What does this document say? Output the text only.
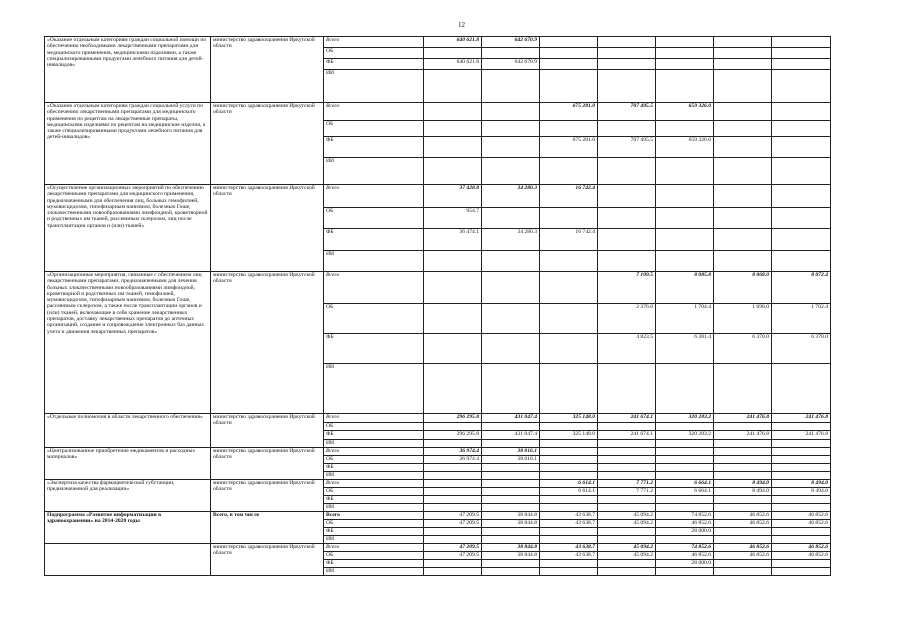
12
«Оказание отдельным категориям граждан социальной помощи по обеспечению необходимыми лекарственными препаратами для медицинского применения, медицинскими изделиями, а также специализированными продуктами лечебного питания для детей-инвалидов»	министерство здравоохранения Иркутской области	Всего	640 621.8	642 670.9					
		ОБ							
		ФБ	640 621.8	642 670.9					
		ИИ							
«Оказание отдельным категориям граждан социальной услуги по обеспечению лекарственными препаратами для медицинского применения по рецептам на лекарственные препараты, медицинскими изделиями по рецептам на медицинские изделия, а также специализированными продуктами лечебного питания для детей-инвалидов»	министерство здравоохранения Иркутской области	Всего			675 281.0	707 495.5	659 326.0		
		ОБ							
		ФБ			675 281.0	707 495.5	659 326.0		
		ИИ							
«Осуществление организационных мероприятий по обеспечению лекарственными препаратами для медицинского применения, предназначенными для обеспечения лиц, больных гемофилией, муковисцидозом, гипофизарным нанизмом, болезнью Гоше, злокачественными новообразованиями лимфоидной, кроветворной и родственных им тканей, рассеянным склерозом, лиц после трансплантации органов и (или) тканей»	министерство здравоохранения Иркутской области	Всего	37 428.8	34 280.3	16 742.4				
		ОБ	954.7						
		ФБ	36 474.1	34 280.3	16 742.4				
		ИИ							
«Организационные мероприятия, связанные с обеспечением лиц лекарственными препаратами, предназначенными для лечения больных злокачественными новообразованиями лимфоидной, кроветворной и родственных им тканей, гемофилией, муковисцидозом, гипофизарным нанизмом, болезнью Гоше, рассеянным склерозом, а также после трансплантации органов и (или) тканей, включающие в себя хранение лекарственных препаратов, доставку лекарственных препаратов до аптечных организаций, создание и сопровождение электронных баз данных учета и движения лекарственных препаратов»	министерство здравоохранения Иркутской области	Всего				7 109.5	8 085.8	8 068.0	8 072.4
		ОБ				2 376.0	1 704.4	1 698.0	1 702.4
		ФБ				4 823.5	6 381.4	6 370.0	6 370.0
		ИИ							
«Отдельные полномочия в области лекарственного обеспечения»	министерство здравоохранения Иркутской области	Всего	296 295.8	431 047.4	325 148.0	241 674.1	320 283.2	241 476.8	241 476.8
		ОБ							
		ФБ	296 295.8	431 047.4	325 148.0	241 674.1	320 283.2	241 476.8	241 476.8
		ИИ							
«Централизованное приобретение медикаментов и расходных материалов»	министерство здравоохранения Иркутской области	Всего	36 974.4	38 016.1					
		ОБ	36 974.4	38 016.1					
		ФБ							
		ИИ							
«Экспертиза качества фармацевтической субстанции, предназначенной для реализации»	министерство здравоохранения Иркутской области	Всего			6 614.1	7 771.2	6 664.1	8 494.0	8 494.0
		ОБ			6 614.1	7 771.2	6 664.1	8 494.0	8 494.0
		ФБ							
		ИИ							
Подпрограмма «Развитие информатизации в здравоохранении» на 2014-2020 годы	Всего, в том числе	Всего	47 209.5	38 844.8	43 638.7	45 094.2	74 852.6	46 852.6	46 852.6
		ОБ	47 209.5	38 844.8	43 638.7	45 094.2	46 852.6	46 852.6	46 852.6
		ФБ					28 000.0		
		ИИ							
	министерство здравоохранения Иркутской области	Всего	47 209.5	38 844.8	43 638.7	45 094.2	74 852.6	46 852.6	46 852.6
		ОБ	47 209.5	38 844.8	43 638.7	45 094.2	46 852.6	46 852.6	46 852.6
		ФБ					28 000.0		
		ИИ							
